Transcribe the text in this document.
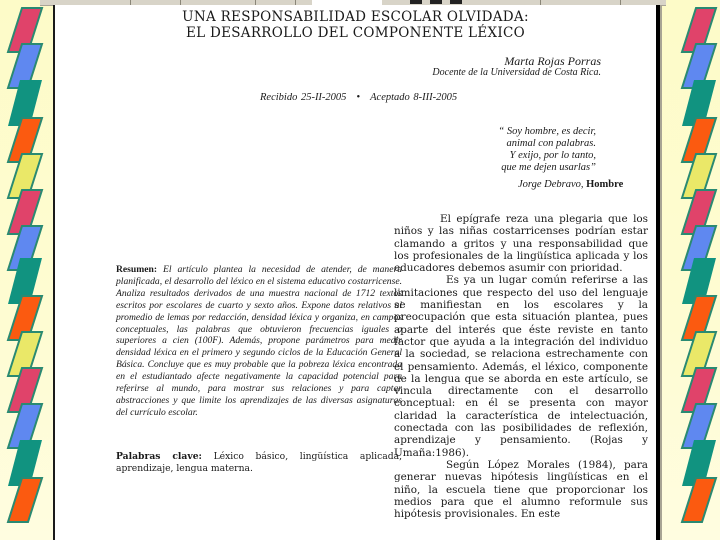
UNA RESPONSABILIDAD ESCOLAR OLVIDADA:
EL DESARROLLO DEL COMPONENTE LÉXICO
Marta Rojas Porras
Docente de la Universidad de Costa Rica.
Recibido 25-II-2005 • Aceptado 8-III-2005
“ Soy hombre, es decir,
animal con palabras.
Y exijo, por lo tanto,
que me dejen usarlas”
Jorge Debravo, Hombre
Resumen: El artículo plantea la necesidad de atender, de manera planificada, el desarrollo del léxico en el sistema educativo costarricense. Analiza resultados derivados de una muestra nacional de 1712 textos escritos por escolares de cuarto y sexto años. Expone datos relativos al promedio de lemas por redacción, densidad léxica y organiza, en campos conceptuales, las palabras que obtuvieron frecuencias iguales o superiores a cien (100F). Además, propone parámetros para medir densidad léxica en el primero y segundo ciclos de la Educación General Básica. Concluye que es muy probable que la pobreza léxica encontrada en el estudiantado afecte negativamente la capacidad potencial para referirse al mundo, para mostrar sus relaciones y para captar abstracciones y que limite los aprendizajes de las diversas asignaturas del currículo escolar.
Palabras clave: Léxico básico, lingüística aplicada, aprendizaje, lengua materna.

El epígrafe reza una plegaria que los niños y las niñas costarricenses podrían estar clamando a gritos y una responsabilidad que los profesionales de la lingüística aplicada y los educadores debemos asumir con prioridad.

Es ya un lugar común referirse a las limitaciones que respecto del uso del lenguaje se manifiestan en los escolares y la preocupación que esta situación plantea, pues aparte del interés que éste reviste en tanto factor que ayuda a la integración del individuo a la sociedad, se relaciona estrechamente con el pensamiento. Además, el léxico, componente de la lengua que se aborda en este artículo, se vincula directamente con el desarrollo conceptual: en él se presenta con mayor claridad la característica de intelectuación, conectada con las posibilidades de reflexión, aprendizaje y pensamiento. (Rojas y Umaña:1986).

Según López Morales (1984), para generar nuevas hipótesis lingüísticas en el niño, la escuela tiene que proporcionar los medios para que el alumno reformule sus hipótesis provisionales. En este
